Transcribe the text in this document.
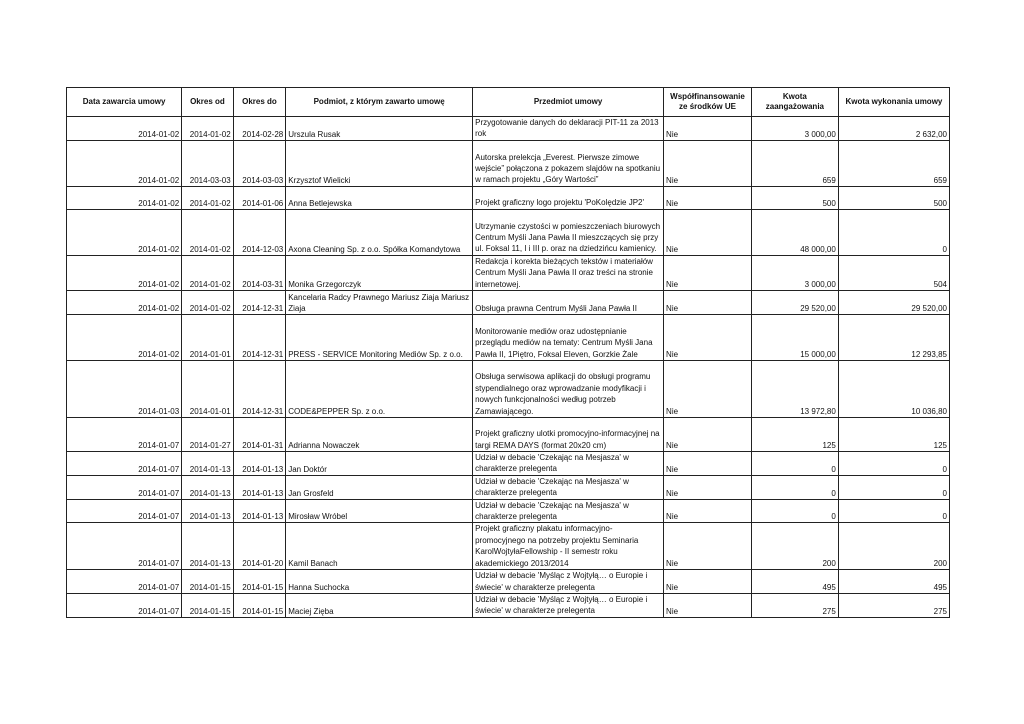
Data zawarcia umowy	Okres od	Okres do	Podmiot, z którym zawarto umowę	Przedmiot umowy	Współfinansowanie ze środków UE	Kwota zaangażowania	Kwota wykonania umowy
2014-01-02	2014-01-02	2014-02-28	Urszula Rusak	Przygotowanie danych do deklaracji PIT-11 za 2013 rok	Nie	3 000,00	2 632,00
2014-01-02	2014-03-03	2014-03-03	Krzysztof Wielicki	Autorska prelekcja „Everest. Pierwsze zimowe wejście” połączona z pokazem slajdów na spotkaniu w ramach projektu „Góry Wartości”	Nie	659	659
2014-01-02	2014-01-02	2014-01-06	Anna Betlejewska	Projekt graficzny logo projektu 'PoKolędzie JP2'	Nie	500	500
2014-01-02	2014-01-02	2014-12-03	Axona Cleaning Sp. z o.o. Spółka Komandytowa	Utrzymanie czystości w pomieszczeniach biurowych Centrum Myśli Jana Pawła II mieszczących się przy ul. Foksal 11, I i III p. oraz na dziedzińcu kamienicy.	Nie	48 000,00	0
2014-01-02	2014-01-02	2014-03-31	Monika Grzegorczyk	Redakcja i korekta bieżących tekstów i materiałów Centrum Myśli Jana Pawła II oraz treści na stronie internetowej.	Nie	3 000,00	504
2014-01-02	2014-01-02	2014-12-31	Kancelaria Radcy Prawnego Mariusz Ziaja Mariusz Ziaja	Obsługa prawna Centrum Myśli Jana Pawła II	Nie	29 520,00	29 520,00
2014-01-02	2014-01-01	2014-12-31	PRESS - SERVICE Monitoring Mediów Sp. z o.o.	Monitorowanie mediów oraz udostępnianie przeglądu mediów na tematy: Centrum Myśli Jana Pawła II, 1Piętro, Foksal Eleven, Gorzkie Żale	Nie	15 000,00	12 293,85
2014-01-03	2014-01-01	2014-12-31	CODE&PEPPER Sp. z o.o.	Obsługa serwisowa aplikacji do obsługi programu stypendialnego oraz wprowadzanie modyfikacji i nowych funkcjonalności według potrzeb Zamawiającego.	Nie	13 972,80	10 036,80
2014-01-07	2014-01-27	2014-01-31	Adrianna Nowaczek	Projekt graficzny ulotki promocyjno-informacyjnej na targi REMA DAYS (format 20x20 cm)	Nie	125	125
2014-01-07	2014-01-13	2014-01-13	Jan Doktór	Udział w debacie 'Czekając na Mesjasza' w charakterze prelegenta	Nie	0	0
2014-01-07	2014-01-13	2014-01-13	Jan Grosfeld	Udział w debacie 'Czekając na Mesjasza' w charakterze prelegenta	Nie	0	0
2014-01-07	2014-01-13	2014-01-13	Mirosław Wróbel	Udział w debacie 'Czekając na Mesjasza' w charakterze prelegenta	Nie	0	0
2014-01-07	2014-01-13	2014-01-20	Kamil Banach	Projekt graficzny plakatu informacyjno-promocyjnego na potrzeby projektu Seminaria KarolWojtyłaFellowship - II semestr roku akademickiego 2013/2014	Nie	200	200
2014-01-07	2014-01-15	2014-01-15	Hanna Suchocka	Udział w debacie 'Myśląc z Wojtyłą… o Europie i świecie' w charakterze prelegenta	Nie	495	495
2014-01-07	2014-01-15	2014-01-15	Maciej Zięba	Udział w debacie 'Myśląc z Wojtyłą… o Europie i świecie' w charakterze prelegenta	Nie	275	275
